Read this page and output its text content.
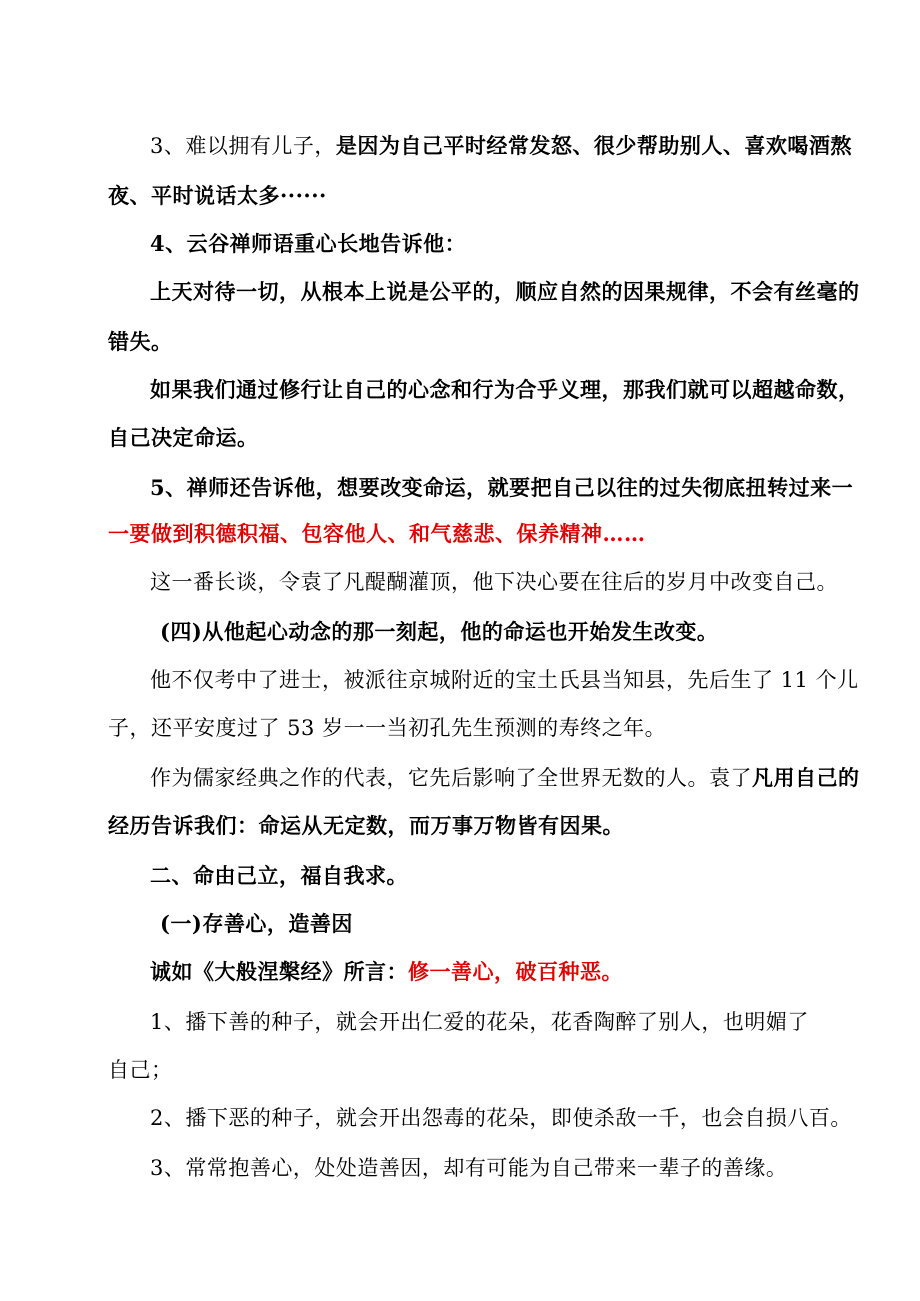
3、难以拥有儿子，是因为自己平时经常发怒、很少帮助别人、喜欢喝酒熬
夜、平时说话太多······
4、云谷禅师语重心长地告诉他：
上天对待一切，从根本上说是公平的，顺应自然的因果规律，不会有丝毫的
错失。
如果我们通过修行让自己的心念和行为合乎义理，那我们就可以超越命数，
自己决定命运。
5、禅师还告诉他，想要改变命运，就要把自己以往的过失彻底扭转过来一
一要做到积德积福、包容他人、和气慈悲、保养精神……
这一番长谈，令袁了凡醍醐灌顶，他下决心要在往后的岁月中改变自己。
(四)从他起心动念的那一刻起，他的命运也开始发生改变。
他不仅考中了进士，被派往京城附近的宝土氏县当知县，先后生了 11 个儿
子，还平安度过了 53 岁一一当初孔先生预测的寿终之年。
作为儒家经典之作的代表，它先后影响了全世界无数的人。袁了凡用自己的
经历告诉我们：命运从无定数，而万事万物皆有因果。
二、命由己立，福自我求。
(一)存善心，造善因
诚如《大般涅槃经》所言：修一善心，破百种恶。
1、播下善的种子，就会开出仁爱的花朵，花香陶醉了别人，也明媚了
自己；
2、播下恶的种子，就会开出怨毒的花朵，即使杀敌一千，也会自损八百。
3、常常抱善心，处处造善因，却有可能为自己带来一辈子的善缘。
